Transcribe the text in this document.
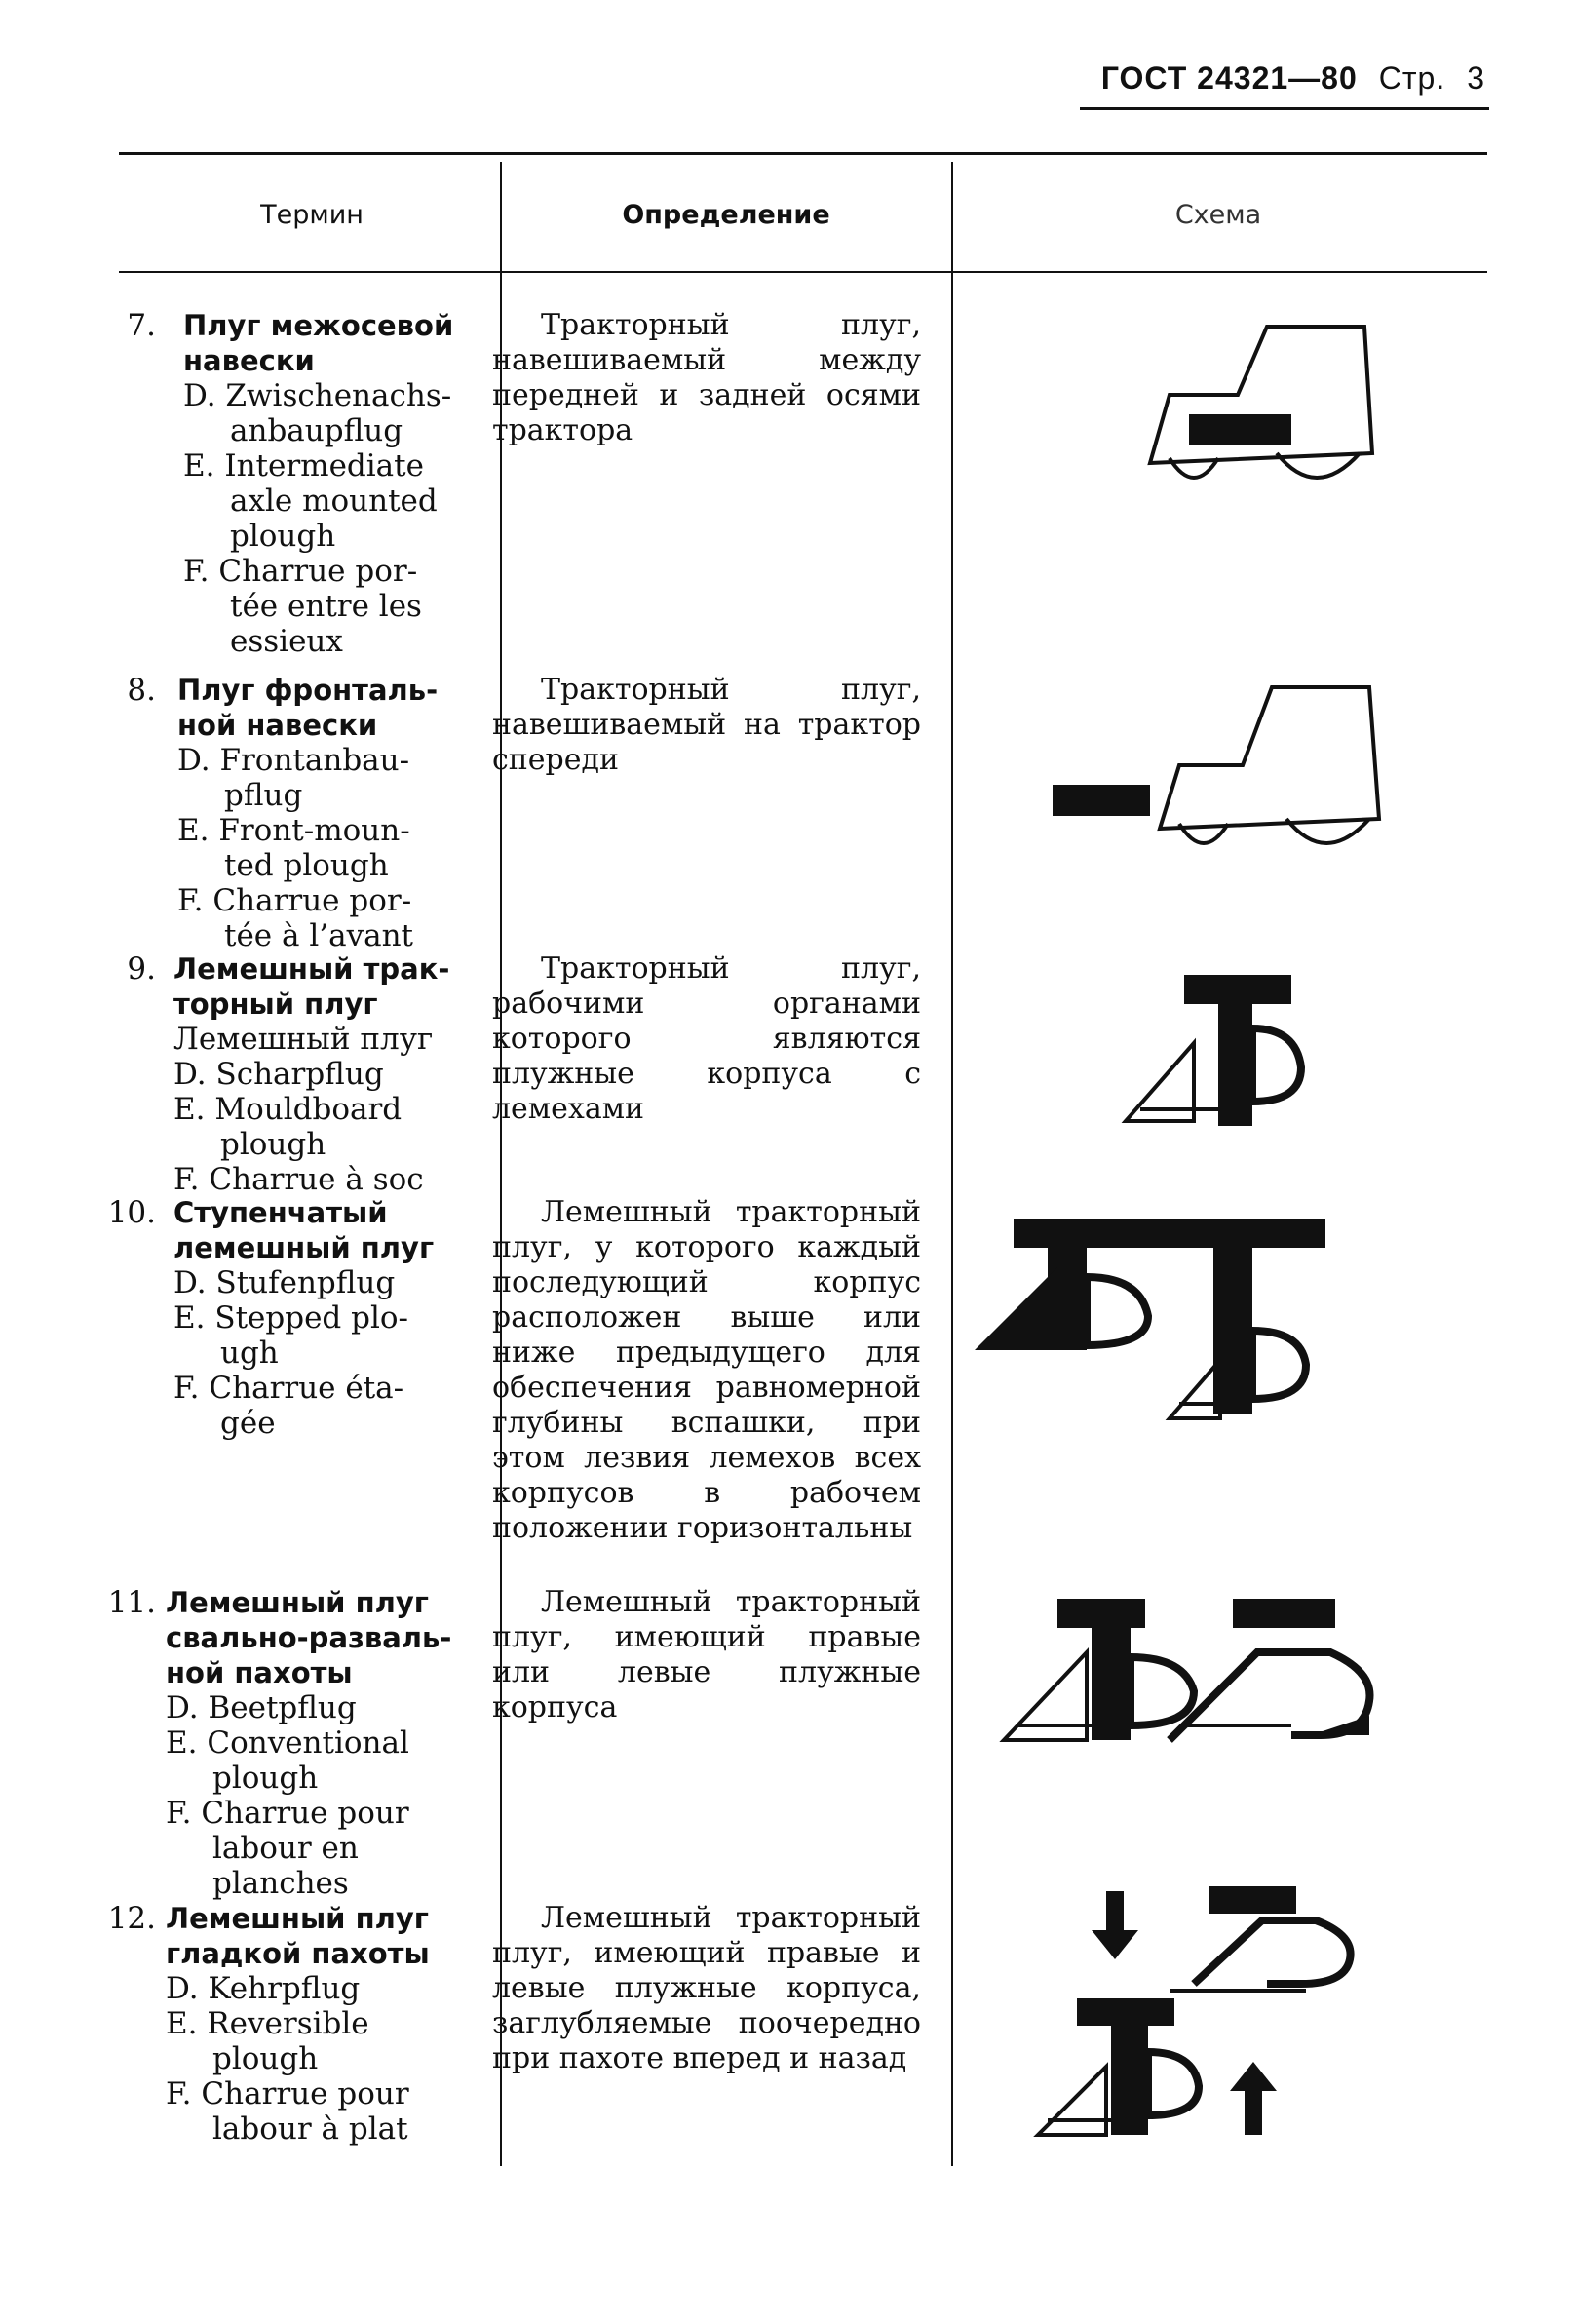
ГОСТ 24321—80 Стр. 3
Термин	Определение	Схема
7. Плуг межосевой
навески
D. Zwischenachs-
anbaupflug
E. Intermediate
axle mounted
plough
F. Charrue por-
tée entre les
essieux

Тракторный плуг, навешиваемый между передней и задней осями трактора

8. Плуг фронталь-
ной навески
D. Frontanbau-
pflug
E. Front-moun-
ted plough
F. Charrue por-
tée à l’avant

Тракторный плуг, навешиваемый на трактор спереди

9. Лемешный трак-
торный плуг
Лемешный плуг
D. Scharpflug
E. Mouldboard
plough
F. Charrue à soc

Тракторный плуг, рабочими органами которого являются плужные корпуса с лемехами

10. Ступенчатый
лемешный плуг
D. Stufenpflug
E. Stepped plo-
ugh
F. Charrue éta-
gée

Лемешный тракторный плуг, у которого каждый последующий корпус расположен выше или ниже предыдущего для обеспечения равномерной глубины вспашки, при этом лезвия лемехов всех корпусов в рабочем положении горизонтальны

11. Лемешный плуг
свально-разваль-
ной пахоты
D. Beetpflug
E. Conventional
plough
F. Charrue pour
labour en
planches

Лемешный тракторный плуг, имеющий правые или левые плужные корпуса

12. Лемешный плуг
гладкой пахоты
D. Kehrpflug
E. Reversible
plough
F. Charrue pour
labour à plat

Лемешный тракторный плуг, имеющий правые и левые плужные корпуса, заглубляемые поочередно при пахоте вперед и назад
